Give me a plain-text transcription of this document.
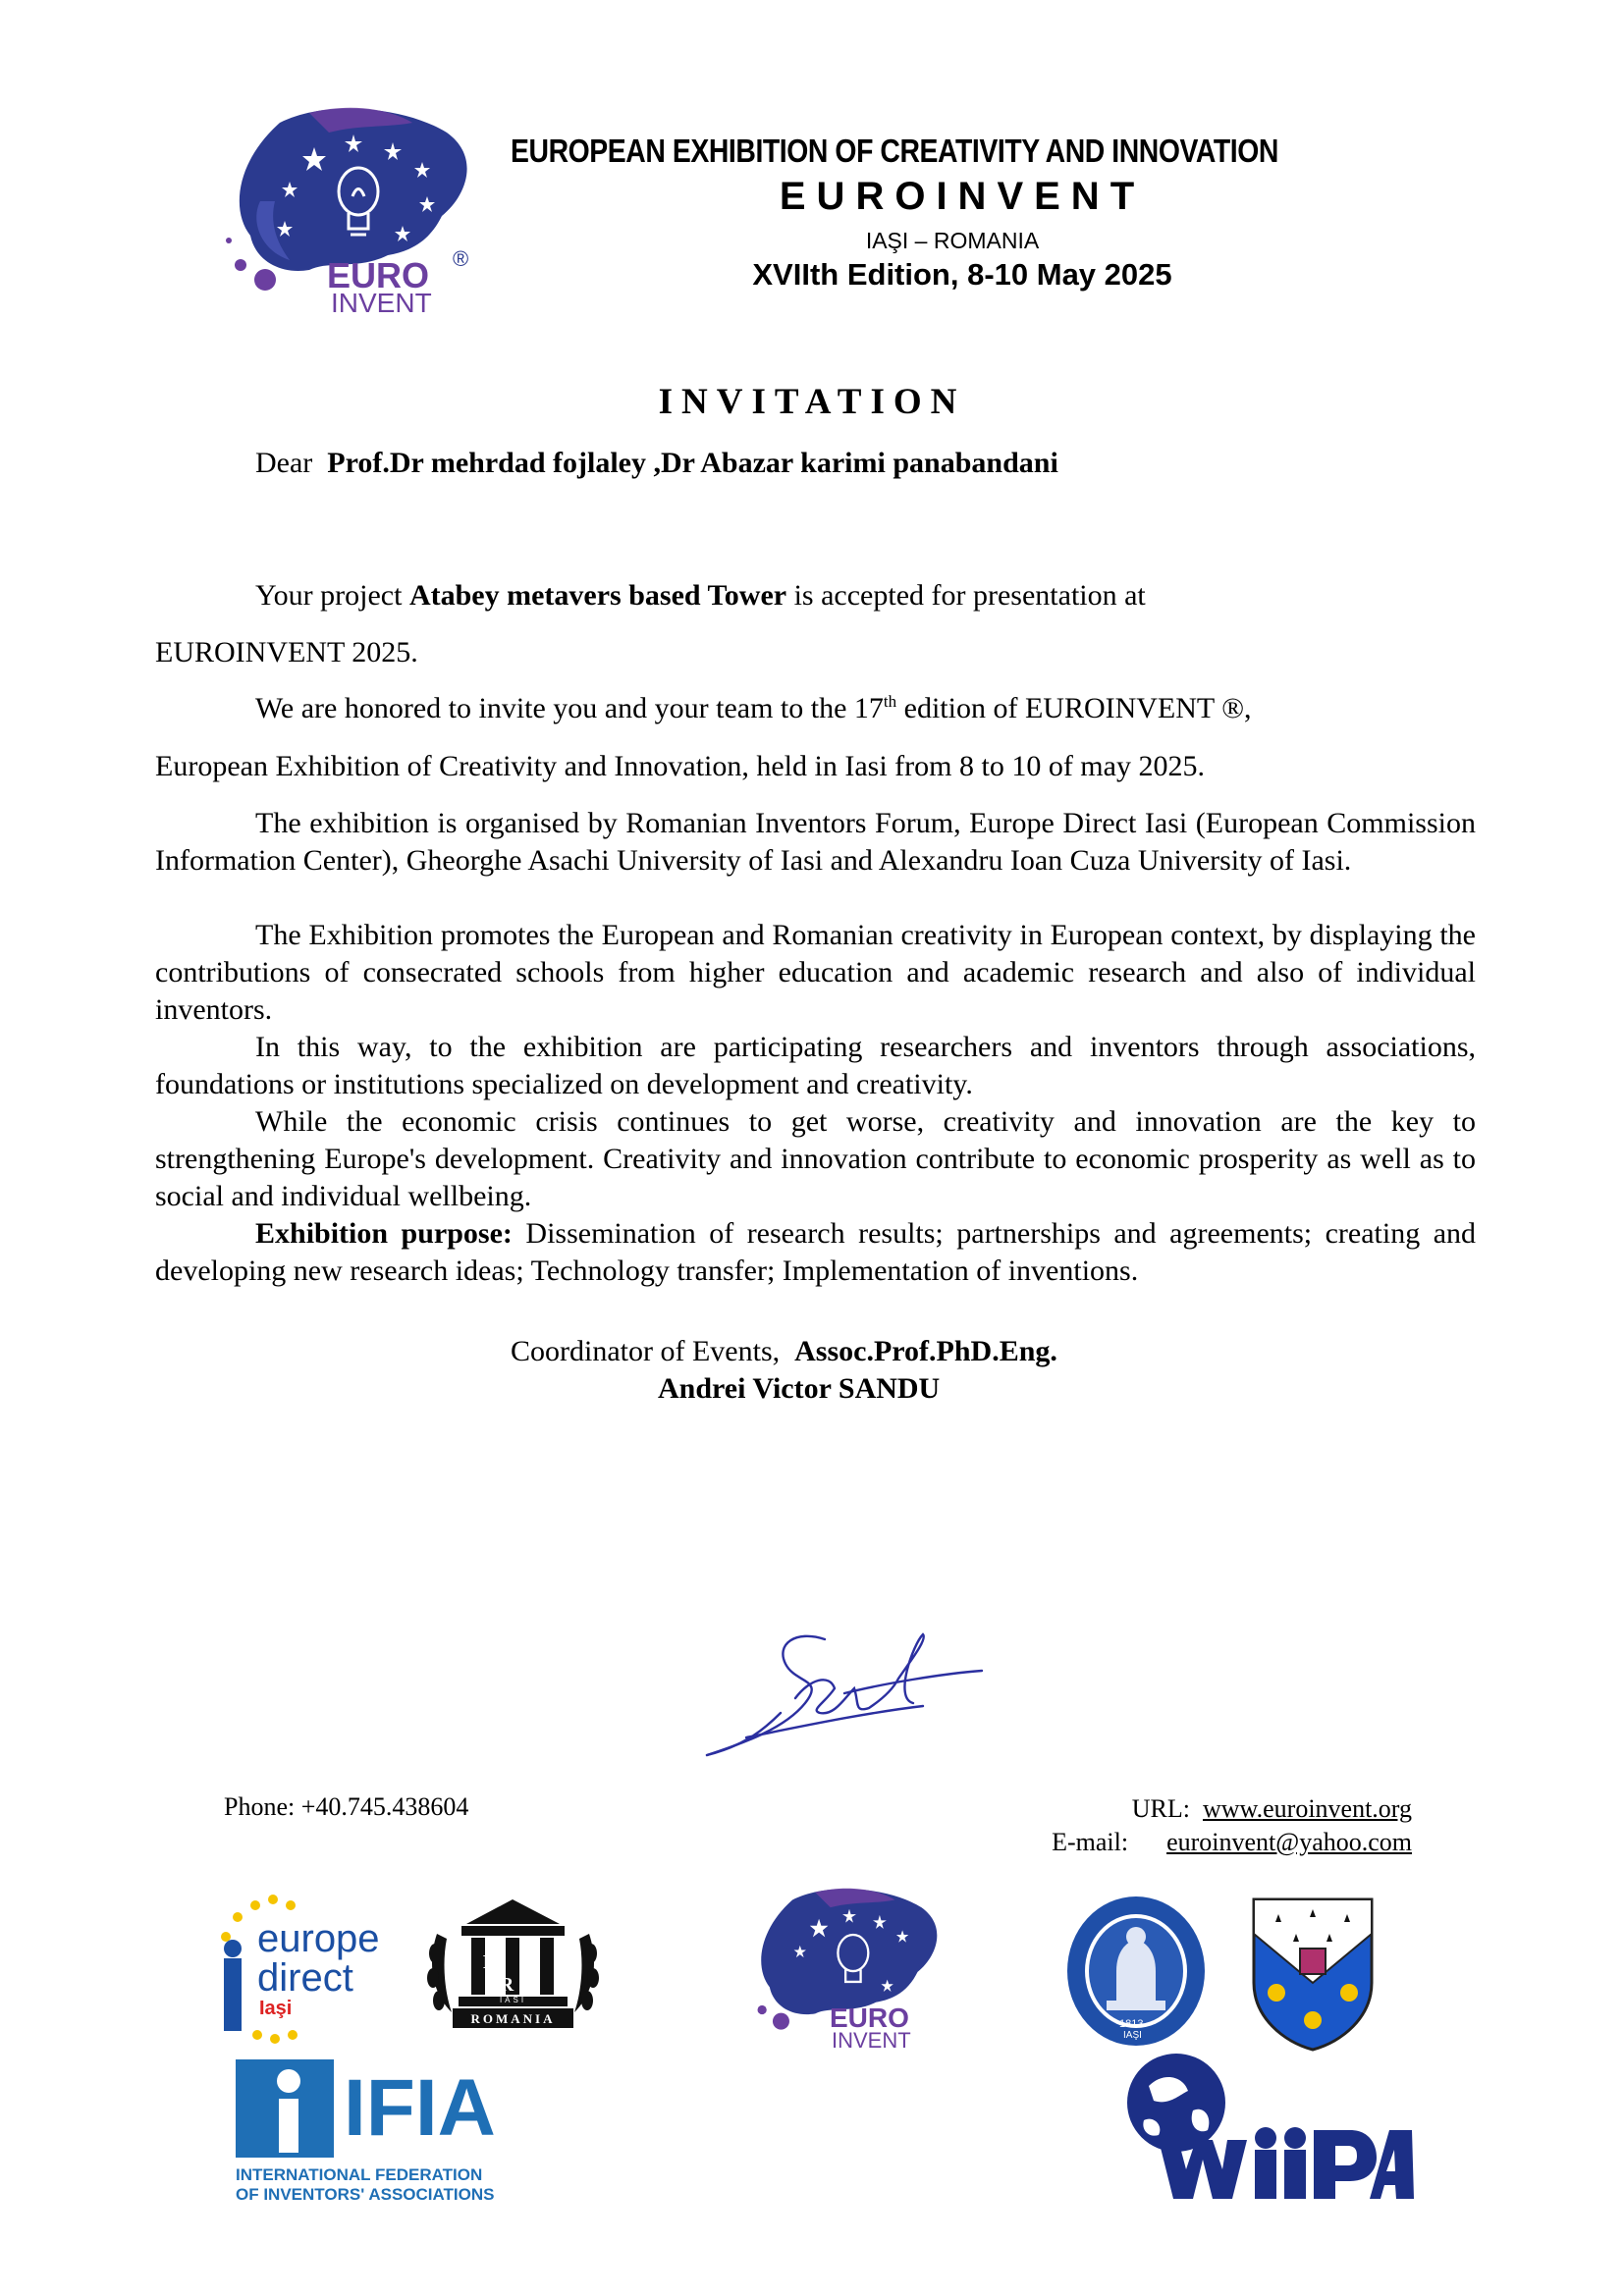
EURO ®
INVENT
EUROPEAN EXHIBITION OF CREATIVITY AND INNOVATION
EUROINVENT
IAŞI – ROMANIA
XVIIth Edition, 8-10 May 2025
INVITATION
Dear Prof.Dr mehrdad fojlaley ,Dr Abazar karimi panabandani
Your project Atabey metavers based Tower is accepted for presentation at
EUROINVENT 2025.
We are honored to invite you and your team to the 17th edition of EUROINVENT ®,
European Exhibition of Creativity and Innovation, held in Iasi from 8 to 10 of may 2025.
The exhibition is organised by Romanian Inventors Forum, Europe Direct Iasi (European Commission Information Center), Gheorghe Asachi University of Iasi and Alexandru Ioan Cuza University of Iasi.
The Exhibition promotes the European and Romanian creativity in European context, by displaying the contributions of consecrated schools from higher education and academic research and also of individual inventors.
In this way, to the exhibition are participating researchers and inventors through associations, foundations or institutions specialized on development and creativity.
While the economic crisis continues to get worse, creativity and innovation are the key to strengthening Europe's development. Creativity and innovation contribute to economic prosperity as well as to social and individual wellbeing.
Exhibition purpose: Dissemination of research results; partnerships and agreements; creating and developing new research ideas; Technology transfer; Implementation of inventions.
Coordinator of Events, Assoc.Prof.PhD.Eng.
Andrei Victor SANDU
Phone: +40.745.438604	URL: www.euroinvent.org
E-mail: euroinvent@yahoo.com
europe
direct
Iaşi
F I R
IASI
ROMANIA	EURO
INVENT
1813
IAŞI
IFIA
INTERNATIONAL FEDERATION
OF INVENTORS' ASSOCIATIONS
